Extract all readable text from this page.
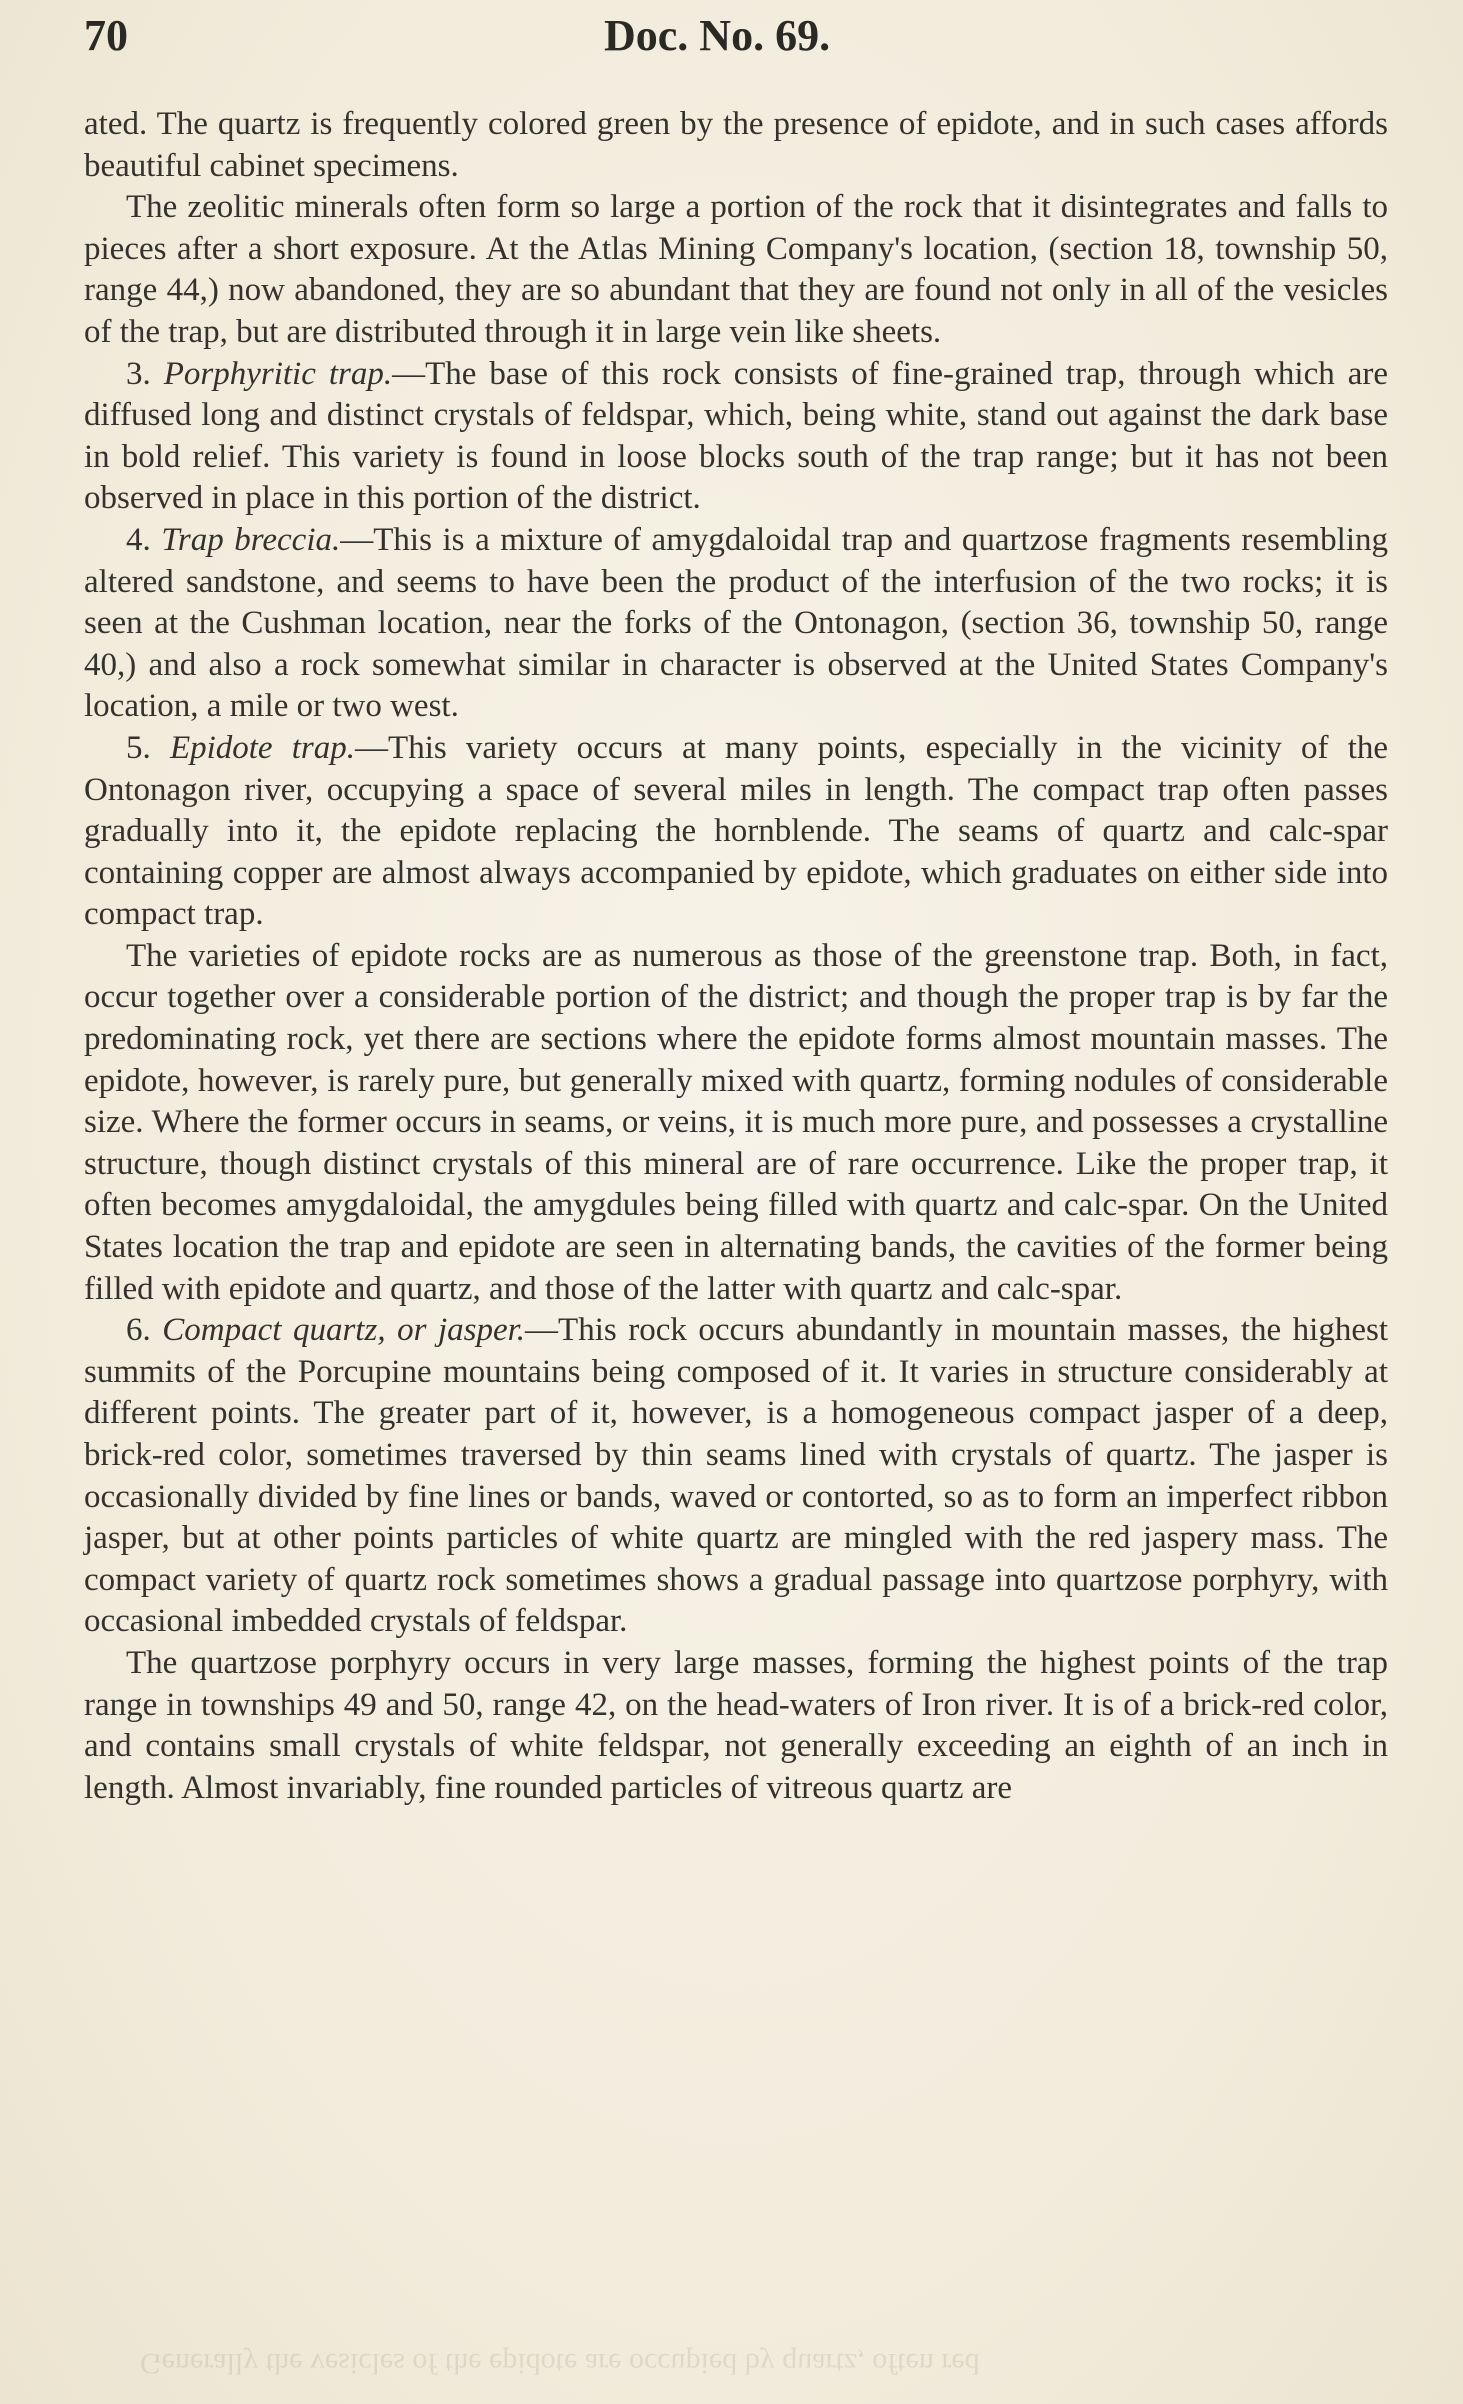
70	Doc. No. 69.

ated. The quartz is frequently colored green by the presence of epidote, and in such cases affords beautiful cabinet specimens.

The zeolitic minerals often form so large a portion of the rock that it disintegrates and falls to pieces after a short exposure. At the Atlas Mining Company's location, (section 18, township 50, range 44,) now abandoned, they are so abundant that they are found not only in all of the vesicles of the trap, but are distributed through it in large vein like sheets.

3. Porphyritic trap.—The base of this rock consists of fine-grained trap, through which are diffused long and distinct crystals of feldspar, which, being white, stand out against the dark base in bold relief. This variety is found in loose blocks south of the trap range; but it has not been observed in place in this portion of the district.

4. Trap breccia.—This is a mixture of amygdaloidal trap and quartzose fragments resembling altered sandstone, and seems to have been the product of the interfusion of the two rocks; it is seen at the Cushman location, near the forks of the Ontonagon, (section 36, township 50, range 40,) and also a rock somewhat similar in character is observed at the United States Company's location, a mile or two west.

5. Epidote trap.—This variety occurs at many points, especially in the vicinity of the Ontonagon river, occupying a space of several miles in length. The compact trap often passes gradually into it, the epidote replacing the hornblende. The seams of quartz and calc-spar containing copper are almost always accompanied by epidote, which graduates on either side into compact trap.

The varieties of epidote rocks are as numerous as those of the greenstone trap. Both, in fact, occur together over a considerable portion of the district; and though the proper trap is by far the predominating rock, yet there are sections where the epidote forms almost mountain masses. The epidote, however, is rarely pure, but generally mixed with quartz, forming nodules of considerable size. Where the former occurs in seams, or veins, it is much more pure, and possesses a crystalline structure, though distinct crystals of this mineral are of rare occurrence. Like the proper trap, it often becomes amygdaloidal, the amygdules being filled with quartz and calc-spar. On the United States location the trap and epidote are seen in alternating bands, the cavities of the former being filled with epidote and quartz, and those of the latter with quartz and calc-spar.

6. Compact quartz, or jasper.—This rock occurs abundantly in mountain masses, the highest summits of the Porcupine mountains being composed of it. It varies in structure considerably at different points. The greater part of it, however, is a homogeneous compact jasper of a deep, brick-red color, sometimes traversed by thin seams lined with crystals of quartz. The jasper is occasionally divided by fine lines or bands, waved or contorted, so as to form an imperfect ribbon jasper, but at other points particles of white quartz are mingled with the red jaspery mass. The compact variety of quartz rock sometimes shows a gradual passage into quartzose porphyry, with occasional imbedded crystals of feldspar.

The quartzose porphyry occurs in very large masses, forming the highest points of the trap range in townships 49 and 50, range 42, on the head-waters of Iron river. It is of a brick-red color, and contains small crystals of white feldspar, not generally exceeding an eighth of an inch in length. Almost invariably, fine rounded particles of vitreous quartz are

Generally the vesicles of the epidote are occupied by quartz, often red
